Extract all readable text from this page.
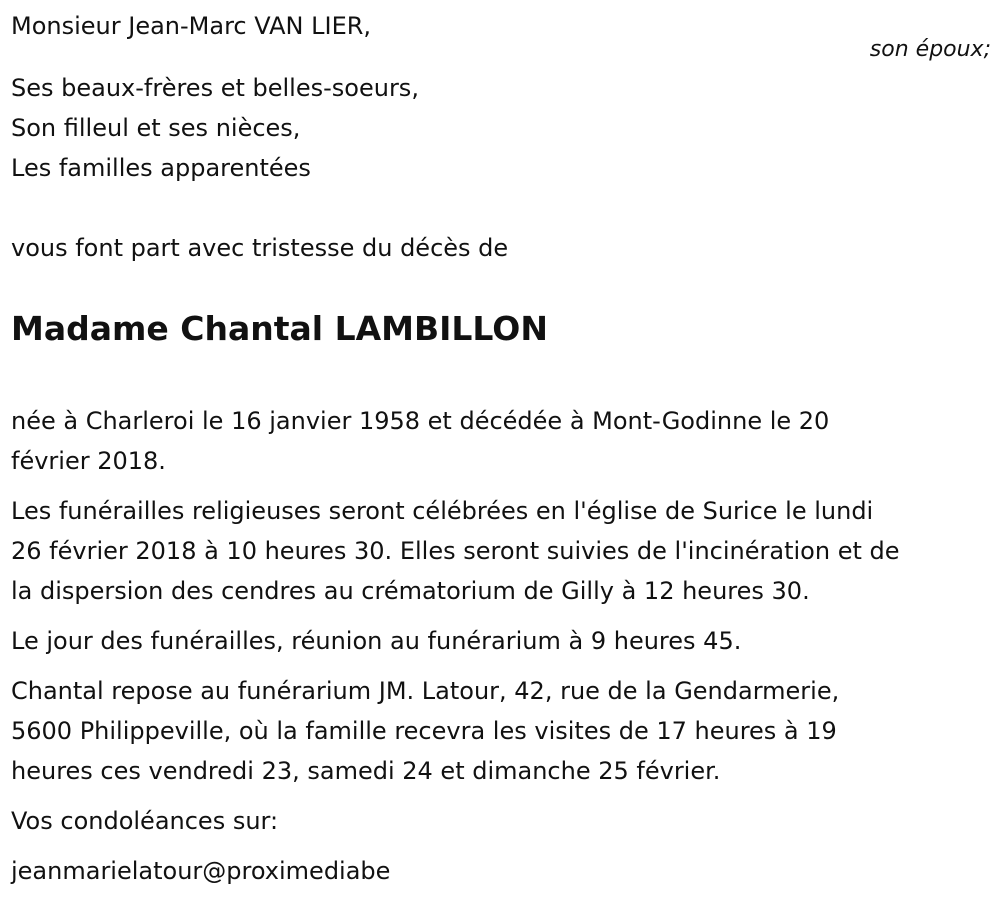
Monsieur Jean-Marc VAN LIER,
son époux;
Ses beaux-frères et belles-soeurs,
Son filleul et ses nièces,
Les familles apparentées
vous font part avec tristesse du décès de
Madame Chantal LAMBILLON
née à Charleroi le 16 janvier 1958 et décédée à Mont-Godinne le 20
février 2018.
Les funérailles religieuses seront célébrées en l'église de Surice le lundi
26 février 2018 à 10 heures 30. Elles seront suivies de l'incinération et de
la dispersion des cendres au crématorium de Gilly à 12 heures 30.
Le jour des funérailles, réunion au funérarium à 9 heures 45.
Chantal repose au funérarium JM. Latour, 42, rue de la Gendarmerie,
5600 Philippeville, où la famille recevra les visites de 17 heures à 19
heures ces vendredi 23, samedi 24 et dimanche 25 février.
Vos condoléances sur:
jeanmarielatour@proximediabe
